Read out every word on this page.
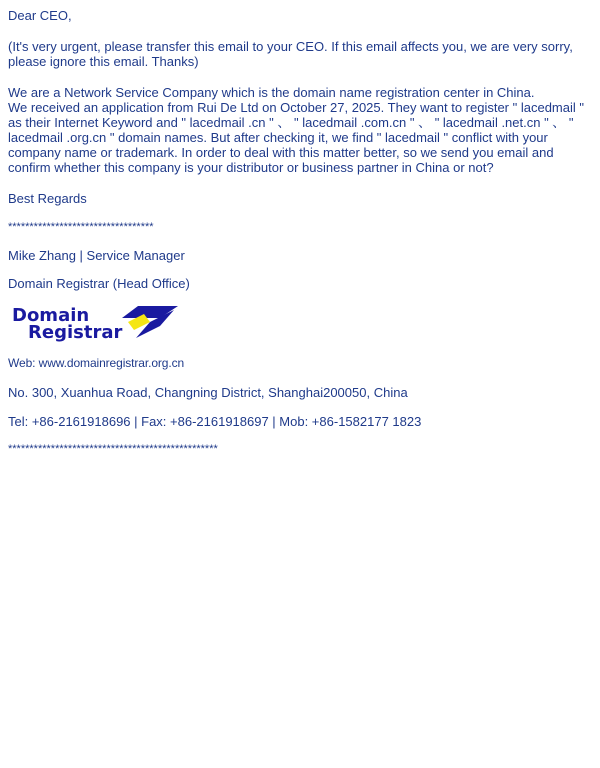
Dear CEO,

(It's very urgent, please transfer this email to your CEO. If this email affects you, we are very sorry, please ignore this email. Thanks)

We are a Network Service Company which is the domain name registration center in China.

We received an application from Rui De Ltd on October 27, 2025. They want to register " lacedmail " as their Internet Keyword and " lacedmail .cn " 、 " lacedmail .com.cn " 、 " lacedmail .net.cn " 、 " lacedmail .org.cn " domain names. But after checking it, we find " lacedmail " conflict with your company name or trademark. In order to deal with this matter better, so we send you email and confirm whether this company is your distributor or business partner in China or not?

Best Regards

**********************************

Mike Zhang | Service Manager

Domain Registrar (Head Office)

Domain
Registrar

Web: www.domainregistrar.org.cn

No. 300, Xuanhua Road, Changning District, Shanghai200050, China

Tel: +86-2161918696 | Fax: +86-2161918697 | Mob: +86-1582177 1823

*************************************************
